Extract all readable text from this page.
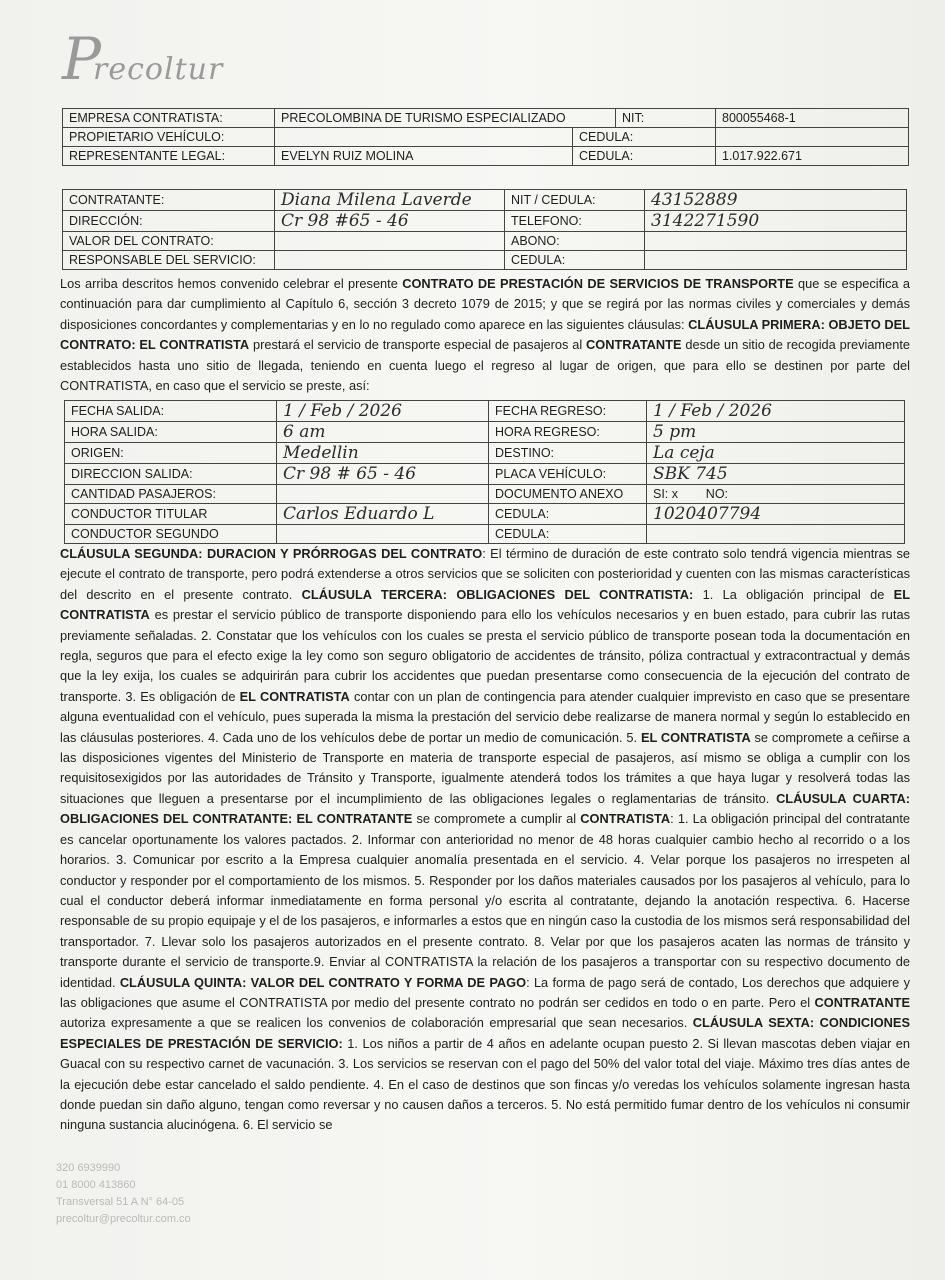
Precoltur
EMPRESA CONTRATISTA:	PRECOLOMBINA DE TURISMO ESPECIALIZADO		NIT:	800055468-1
PROPIETARIO VEHÍCULO:		CEDULA:		
REPRESENTANTE LEGAL:	EVELYN RUIZ MOLINA	CEDULA:		1.017.922.671
CONTRATANTE:	Diana Milena Laverde	NIT / CEDULA:	43152889
DIRECCIÓN:	Cr 98 #65 - 46	TELEFONO:	3142271590
VALOR DEL CONTRATO:		ABONO:	
RESPONSABLE DEL SERVICIO:		CEDULA:	
Los arriba descritos hemos convenido celebrar el presente CONTRATO DE PRESTACIÓN DE SERVICIOS DE TRANSPORTE que se especifica a continuación para dar cumplimiento al Capítulo 6, sección 3 decreto 1079 de 2015; y que se regirá por las normas civiles y comerciales y demás disposiciones concordantes y complementarias y en lo no regulado como aparece en las siguientes cláusulas: CLÁUSULA PRIMERA: OBJETO DEL CONTRATO: EL CONTRATISTA prestará el servicio de transporte especial de pasajeros al CONTRATANTE desde un sitio de recogida previamente establecidos hasta uno sitio de llegada, teniendo en cuenta luego el regreso al lugar de origen, que para ello se destinen por parte del CONTRATISTA, en caso que el servicio se preste, así:
FECHA SALIDA:	1 / Feb / 2026	FECHA REGRESO:	1 / Feb / 2026
HORA SALIDA:	6 am	HORA REGRESO:	5 pm
ORIGEN:	Medellin	DESTINO:	La ceja
DIRECCION SALIDA:	Cr 98 # 65 - 46	PLACA VEHÍCULO:	SBK 745
CANTIDAD PASAJEROS:		DOCUMENTO ANEXO	SI: x        NO:
CONDUCTOR TITULAR	Carlos Eduardo L	CEDULA:	1020407794
CONDUCTOR SEGUNDO		CEDULA:	
CLÁUSULA SEGUNDA: DURACION Y PRÓRROGAS DEL CONTRATO: El término de duración de este contrato solo tendrá vigencia mientras se ejecute el contrato de transporte, pero podrá extenderse a otros servicios que se soliciten con posterioridad y cuenten con las mismas características del descrito en el presente contrato. CLÁUSULA TERCERA: OBLIGACIONES DEL CONTRATISTA: 1. La obligación principal de EL CONTRATISTA es prestar el servicio público de transporte disponiendo para ello los vehículos necesarios y en buen estado, para cubrir las rutas previamente señaladas. 2. Constatar que los vehículos con los cuales se presta el servicio público de transporte posean toda la documentación en regla, seguros que para el efecto exige la ley como son seguro obligatorio de accidentes de tránsito, póliza contractual y extracontractual y demás que la ley exija, los cuales se adquirirán para cubrir los accidentes que puedan presentarse como consecuencia de la ejecución del contrato de transporte. 3. Es obligación de EL CONTRATISTA contar con un plan de contingencia para atender cualquier imprevisto en caso que se presentare alguna eventualidad con el vehículo, pues superada la misma la prestación del servicio debe realizarse de manera normal y según lo establecido en las cláusulas posteriores. 4. Cada uno de los vehículos debe de portar un medio de comunicación. 5. EL CONTRATISTA se compromete a ceñirse a las disposiciones vigentes del Ministerio de Transporte en materia de transporte especial de pasajeros, así mismo se obliga a cumplir con los requisitosexigidos por las autoridades de Tránsito y Transporte, igualmente atenderá todos los trámites a que haya lugar y resolverá todas las situaciones que lleguen a presentarse por el incumplimiento de las obligaciones legales o reglamentarias de tránsito. CLÁUSULA CUARTA: OBLIGACIONES DEL CONTRATANTE: EL CONTRATANTE se compromete a cumplir al CONTRATISTA: 1. La obligación principal del contratante es cancelar oportunamente los valores pactados. 2. Informar con anterioridad no menor de 48 horas cualquier cambio hecho al recorrido o a los horarios. 3. Comunicar por escrito a la Empresa cualquier anomalía presentada en el servicio. 4. Velar porque los pasajeros no irrespeten al conductor y responder por el comportamiento de los mismos. 5. Responder por los daños materiales causados por los pasajeros al vehículo, para lo cual el conductor deberá informar inmediatamente en forma personal y/o escrita al contratante, dejando la anotación respectiva. 6. Hacerse responsable de su propio equipaje y el de los pasajeros, e informarles a estos que en ningún caso la custodia de los mismos será responsabilidad del transportador. 7. Llevar solo los pasajeros autorizados en el presente contrato. 8. Velar por que los pasajeros acaten las normas de tránsito y transporte durante el servicio de transporte.9. Enviar al CONTRATISTA la relación de los pasajeros a transportar con su respectivo documento de identidad. CLÁUSULA QUINTA: VALOR DEL CONTRATO Y FORMA DE PAGO: La forma de pago será de contado, Los derechos que adquiere y las obligaciones que asume el CONTRATISTA por medio del presente contrato no podrán ser cedidos en todo o en parte. Pero el CONTRATANTE autoriza expresamente a que se realicen los convenios de colaboración empresarial que sean necesarios. CLÁUSULA SEXTA: CONDICIONES ESPECIALES DE PRESTACIÓN DE SERVICIO: 1. Los niños a partir de 4 años en adelante ocupan puesto 2. Si llevan mascotas deben viajar en Guacal con su respectivo carnet de vacunación. 3. Los servicios se reservan con el pago del 50% del valor total del viaje. Máximo tres días antes de la ejecución debe estar cancelado el saldo pendiente. 4. En el caso de destinos que son fincas y/o veredas los vehículos solamente ingresan hasta donde puedan sin daño alguno, tengan como reversar y no causen daños a terceros. 5. No está permitido fumar dentro de los vehículos ni consumir ninguna sustancia alucinógena. 6. El servicio se
320 6939990
01 8000 413860
Transversal 51 A N° 64-05
precoltur@precoltur.com.co
